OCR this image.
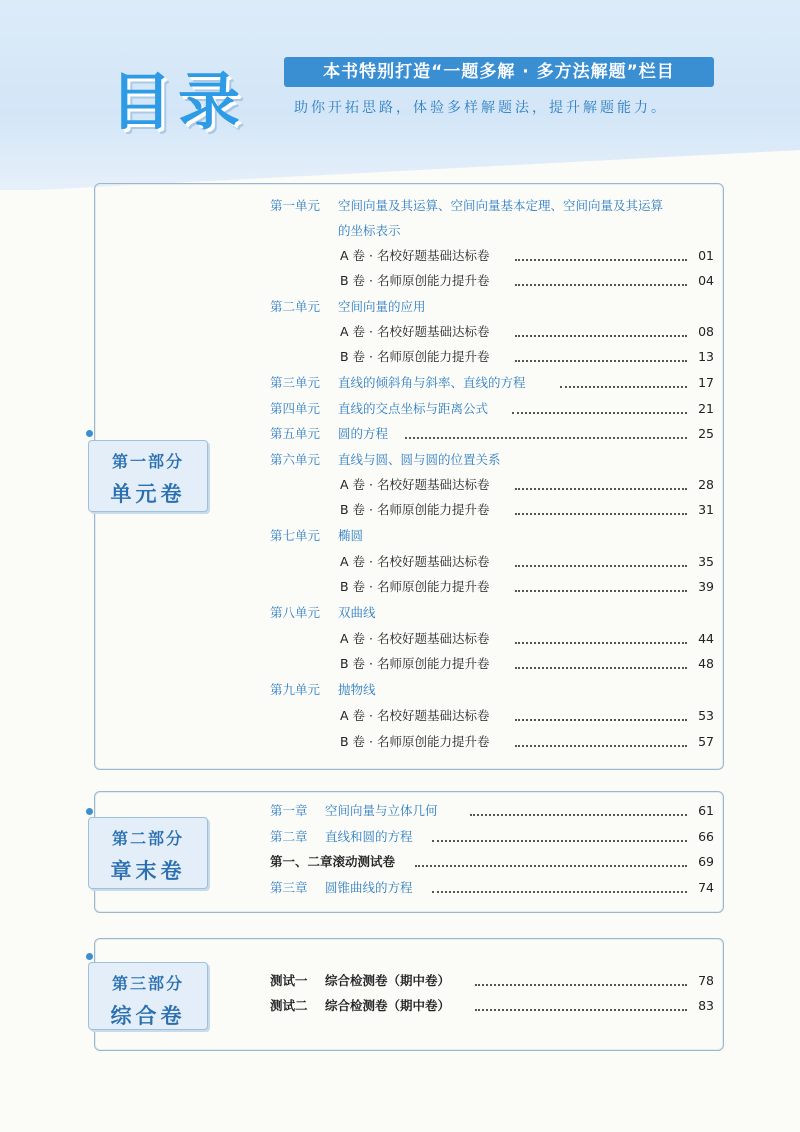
目录	本书特别打造“一题多解 · 多方法解题”栏目
助你开拓思路，体验多样解题法，提升解题能力。
第一部分
单元卷
第二部分
章末卷
第三部分
综合卷
第一单元 空间向量及其运算、空间向量基本定理、空间向量及其运算
的坐标表示
A 卷 · 名校好题基础达标卷	01
B 卷 · 名师原创能力提升卷	04
第二单元 空间向量的应用
A 卷 · 名校好题基础达标卷	08
B 卷 · 名师原创能力提升卷	13
第三单元 直线的倾斜角与斜率、直线的方程	17
第四单元 直线的交点坐标与距离公式	21
第五单元 圆的方程	25
第六单元 直线与圆、圆与圆的位置关系
A 卷 · 名校好题基础达标卷	28
B 卷 · 名师原创能力提升卷	31
第七单元 椭圆
A 卷 · 名校好题基础达标卷	35
B 卷 · 名师原创能力提升卷	39
第八单元 双曲线
A 卷 · 名校好题基础达标卷	44
B 卷 · 名师原创能力提升卷	48
第九单元 抛物线
A 卷 · 名校好题基础达标卷	53
B 卷 · 名师原创能力提升卷	57
第一章 空间向量与立体几何	61
第二章 直线和圆的方程	66
第一、二章滚动测试卷	69
第三章 圆锥曲线的方程	74
测试一 综合检测卷（期中卷）	78
测试二 综合检测卷（期中卷）	83
